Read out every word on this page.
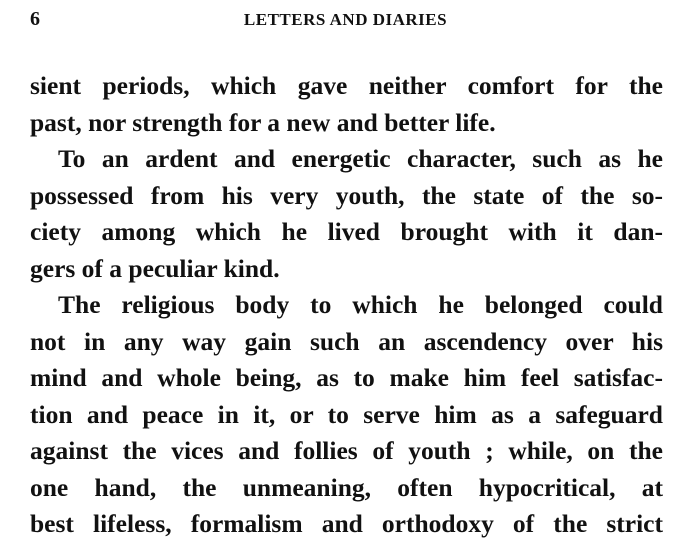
6	LETTERS AND DIARIES
sient periods, which gave neither comfort for the
past, nor strength for a new and better life.
To an ardent and energetic character, such as he
possessed from his very youth, the state of the so-
ciety among which he lived brought with it dan-
gers of a peculiar kind.
The religious body to which he belonged could
not in any way gain such an ascendency over his
mind and whole being, as to make him feel satisfac-
tion and peace in it, or to serve him as a safeguard
against the vices and follies of youth ; while, on the
one hand, the unmeaning, often hypocritical, at
best lifeless, formalism and orthodoxy of the strict
